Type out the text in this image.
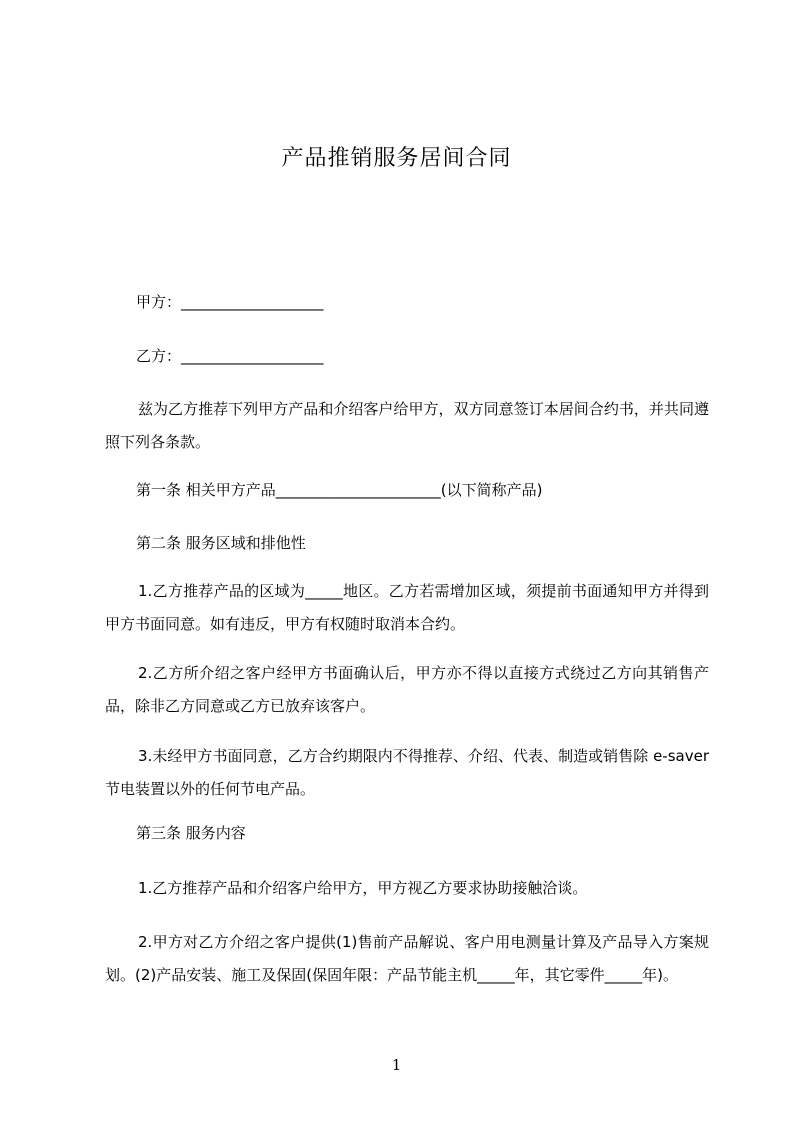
产品推销服务居间合同
甲方：___________________
乙方：___________________
兹为乙方推荐下列甲方产品和介绍客户给甲方，双方同意签订本居间合约书，并共同遵照下列各条款。
第一条 相关甲方产品______________________(以下简称产品)
第二条 服务区域和排他性
1.乙方推荐产品的区域为_____地区。乙方若需增加区域，须提前书面通知甲方并得到甲方书面同意。如有违反，甲方有权随时取消本合约。
2.乙方所介绍之客户经甲方书面确认后，甲方亦不得以直接方式绕过乙方向其销售产品，除非乙方同意或乙方已放弃该客户。
3.未经甲方书面同意，乙方合约期限内不得推荐、介绍、代表、制造或销售除 e-saver 节电装置以外的任何节电产品。
第三条 服务内容
1.乙方推荐产品和介绍客户给甲方，甲方视乙方要求协助接触洽谈。
2.甲方对乙方介绍之客户提供(1)售前产品解说、客户用电测量计算及产品导入方案规划。(2)产品安装、施工及保固(保固年限：产品节能主机_____年，其它零件_____年)。
1
